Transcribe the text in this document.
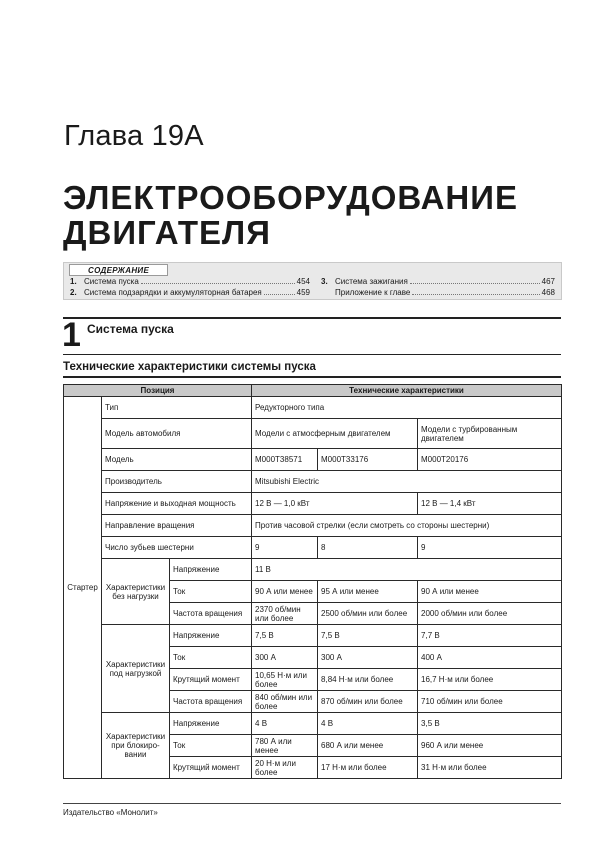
Глава 19A
ЭЛЕКТРООБОРУДОВАНИЕ
ДВИГАТЕЛЯ
СОДЕРЖАНИЕ
1. Система пуска	454
2. Система подзарядки и аккумуляторная батарея	459
3. Система зажигания	467
Приложение к главе	468
1 Система пуска
Технические характеристики системы пуска
Позиция			Технические характеристики		
Стартер	Тип		Редукторного типа		
	Модель автомобиля		Модели с атмосферным двигателем		Модели с турбированным двигателем
	Модель		M000T38571	M000T33176	M000T20176
	Производитель		Mitsubishi Electric		
	Напряжение и выходная мощность		12 В — 1,0 кВт		12 В — 1,4 кВт
	Направление вращения		Против часовой стрелки (если смотреть со стороны шестерни)		
	Число зубьев шестерни		9	8	9
	Характеристики без нагрузки	Напряжение	11 В		
		Ток	90 А или менее	95 А или менее	90 А или менее
		Частота вращения	2370 об/мин или более	2500 об/мин или более	2000 об/мин или более
	Характеристики под нагрузкой	Напряжение	7,5 В	7,5 В	7,7 В
		Ток	300 А	300 А	400 А
		Крутящий момент	10,65 Н·м или более	8,84 Н·м или более	16,7 Н·м или более
		Частота вращения	840 об/мин или более	870 об/мин или более	710 об/мин или более
	Характеристики при блокиро-вании	Напряжение	4 В	4 В	3,5 В
		Ток	780 А или менее	680 А или менее	960 А или менее
		Крутящий момент	20 Н·м или более	17 Н·м или более	31 Н·м или более
Издательство «Монолит»
